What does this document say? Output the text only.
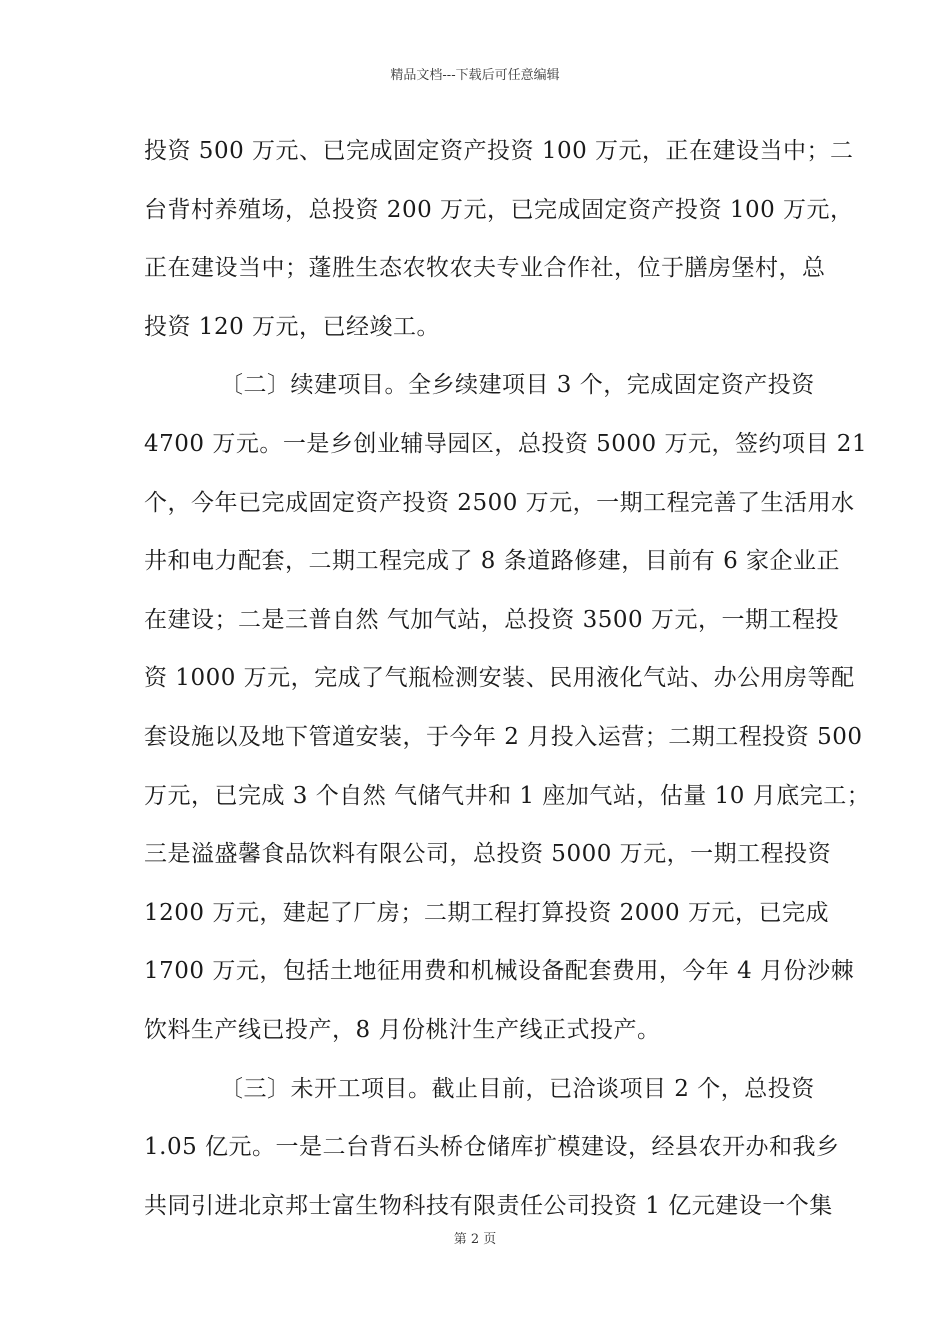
精品文档---下载后可任意编辑
投资 500 万元、已完成固定资产投资 100 万元，正在建设当中；二
台背村养殖场，总投资 200 万元，已完成固定资产投资 100 万元，
正在建设当中；蓬胜生态农牧农夫专业合作社，位于膳房堡村，总
投资 120 万元，已经竣工。
〔二〕续建项目。全乡续建项目 3 个，完成固定资产投资
4700 万元。一是乡创业辅导园区，总投资 5000 万元，签约项目 21
个，今年已完成固定资产投资 2500 万元，一期工程完善了生活用水
井和电力配套，二期工程完成了 8 条道路修建，目前有 6 家企业正
在建设；二是三普自然 气加气站，总投资 3500 万元，一期工程投
资 1000 万元，完成了气瓶检测安装、民用液化气站、办公用房等配
套设施以及地下管道安装，于今年 2 月投入运营；二期工程投资 500
万元，已完成 3 个自然 气储气井和 1 座加气站，估量 10 月底完工；
三是溢盛馨食品饮料有限公司，总投资 5000 万元，一期工程投资
1200 万元，建起了厂房；二期工程打算投资 2000 万元，已完成
1700 万元，包括土地征用费和机械设备配套费用，今年 4 月份沙棘
饮料生产线已投产，8 月份桃汁生产线正式投产。
〔三〕未开工项目。截止目前，已洽谈项目 2 个，总投资
1.05 亿元。一是二台背石头桥仓储库扩模建设，经县农开办和我乡
共同引进北京邦士富生物科技有限责任公司投资 1 亿元建设一个集
第 2 页
